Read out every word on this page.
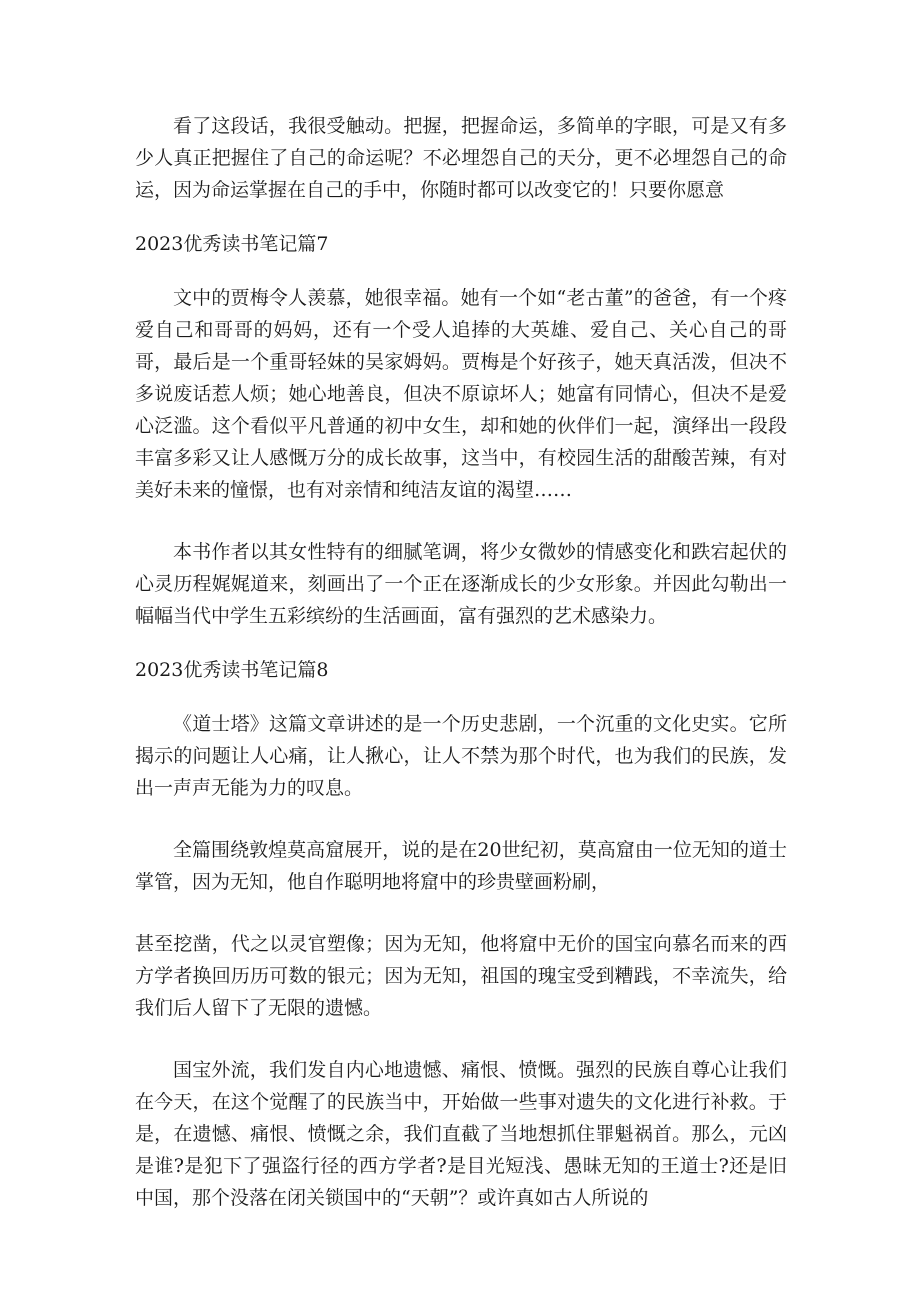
看了这段话，我很受触动。把握，把握命运，多简单的字眼，可是又有多少人真正把握住了自己的命运呢？不必埋怨自己的天分，更不必埋怨自己的命运，因为命运掌握在自己的手中，你随时都可以改变它的！只要你愿意

2023优秀读书笔记篇7

文中的贾梅令人羡慕，她很幸福。她有一个如“老古董”的爸爸，有一个疼爱自己和哥哥的妈妈，还有一个受人追捧的大英雄、爱自己、关心自己的哥哥，最后是一个重哥轻妹的吴家姆妈。贾梅是个好孩子，她天真活泼，但决不多说废话惹人烦；她心地善良，但决不原谅坏人；她富有同情心，但决不是爱心泛滥。这个看似平凡普通的初中女生，却和她的伙伴们一起，演绎出一段段丰富多彩又让人感慨万分的成长故事，这当中，有校园生活的甜酸苦辣，有对美好未来的憧憬，也有对亲情和纯洁友谊的渴望……

本书作者以其女性特有的细腻笔调，将少女微妙的情感变化和跌宕起伏的心灵历程娓娓道来，刻画出了一个正在逐渐成长的少女形象。并因此勾勒出一幅幅当代中学生五彩缤纷的生活画面，富有强烈的艺术感染力。

2023优秀读书笔记篇8

《道士塔》这篇文章讲述的是一个历史悲剧，一个沉重的文化史实。它所揭示的问题让人心痛，让人揪心，让人不禁为那个时代，也为我们的民族，发出一声声无能为力的叹息。

全篇围绕敦煌莫高窟展开，说的是在20世纪初，莫高窟由一位无知的道士掌管，因为无知，他自作聪明地将窟中的珍贵壁画粉刷，

甚至挖凿，代之以灵官塑像；因为无知，他将窟中无价的国宝向慕名而来的西方学者换回历历可数的银元；因为无知，祖国的瑰宝受到糟践，不幸流失，给我们后人留下了无限的遗憾。

国宝外流，我们发自内心地遗憾、痛恨、愤慨。强烈的民族自尊心让我们在今天，在这个觉醒了的民族当中，开始做一些事对遗失的文化进行补救。于是，在遗憾、痛恨、愤慨之余，我们直截了当地想抓住罪魁祸首。那么，元凶是谁?是犯下了强盗行径的西方学者?是目光短浅、愚昧无知的王道士?还是旧中国，那个没落在闭关锁国中的“天朝”？或许真如古人所说的
